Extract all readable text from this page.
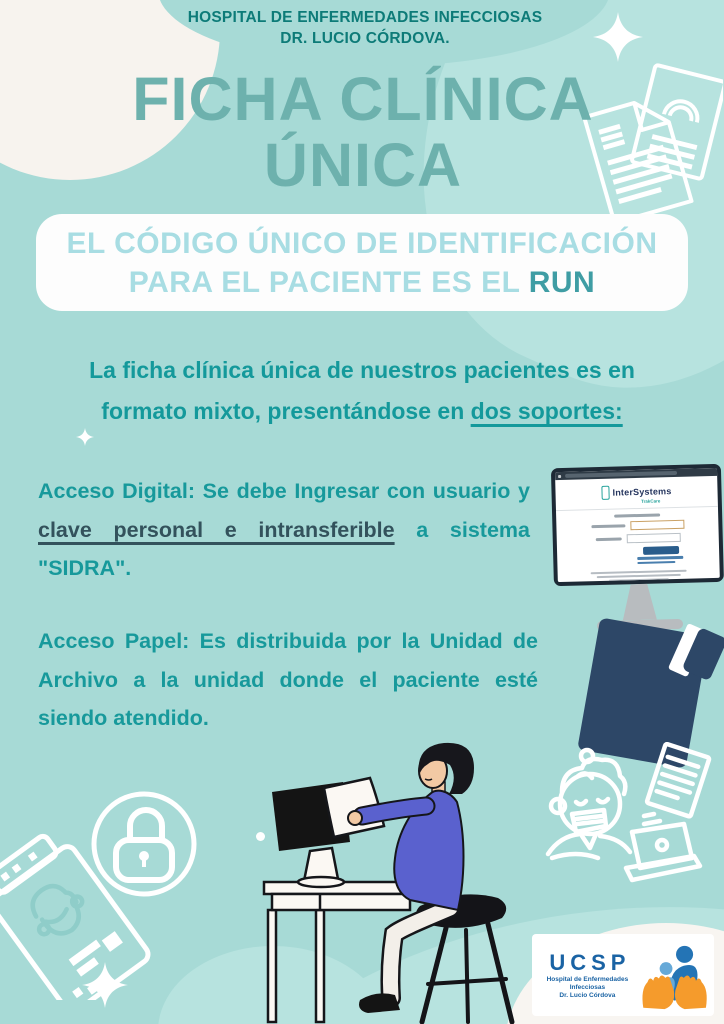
HOSPITAL DE ENFERMEDADES INFECCIOSAS
DR. LUCIO CÓRDOVA.
FICHA CLÍNICA
ÚNICA
EL CÓDIGO ÚNICO DE IDENTIFICACIÓN
PARA EL PACIENTE ES EL RUN
La ficha clínica única de nuestros pacientes es en
formato mixto, presentándose en dos soportes:
Acceso Digital: Se debe Ingresar con usuario y clave personal e intransferible a sistema "SIDRA".
Acceso Papel: Es distribuida por la Unidad de Archivo a la unidad donde el paciente esté siendo atendido.
InterSystems
TrakCare
UCSP
Hospital de Enfermedades
Infecciosas
Dr. Lucio Córdova
